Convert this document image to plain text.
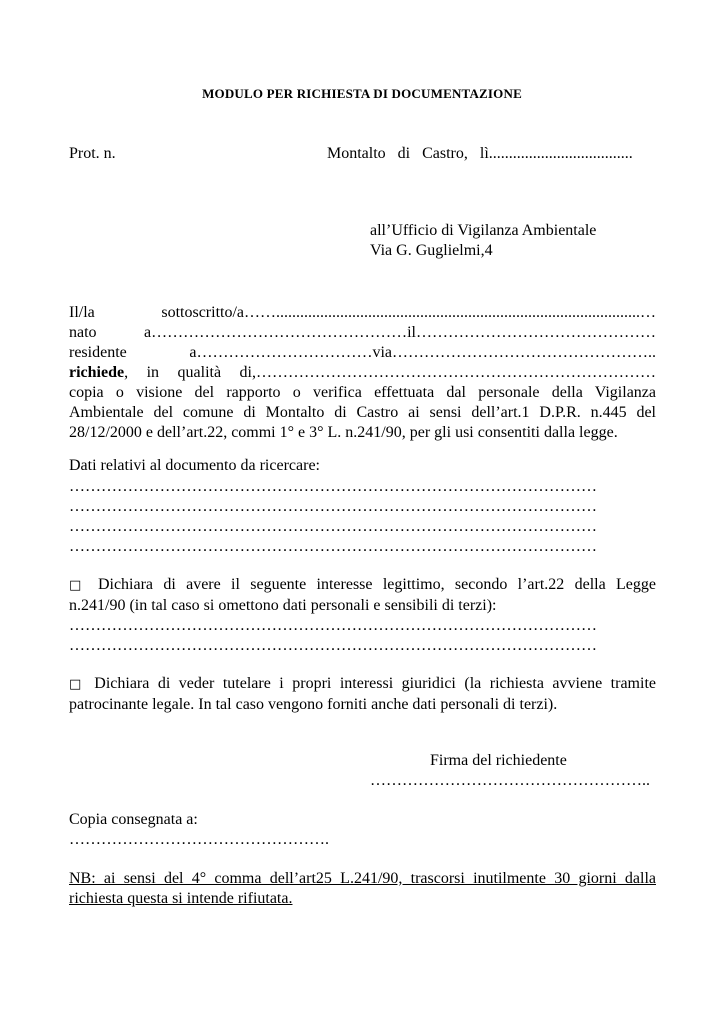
MODULO PER RICHIESTA DI DOCUMENTAZIONE
Prot. n.	Montalto   di   Castro,   lì....................................
all’Ufficio di Vigilanza Ambientale
Via G. Guglielmi,4
Il/la sottoscritto/a……...........................................................................................…
nato a…………………………………………il………………………………………
residente a……………………………via…………………………………………..
richiede, in qualità di,…………………………………………………………………
copia o visione del rapporto o verifica effettuata dal personale della Vigilanza
Ambientale del comune di Montalto di Castro ai sensi dell’art.1 D.P.R. n.445 del
28/12/2000 e dell’art.22, commi 1° e 3° L. n.241/90, per gli usi consentiti dalla legge.
Dati relativi al documento da ricercare:
………………………………………………………………………………………
………………………………………………………………………………………
………………………………………………………………………………………
………………………………………………………………………………………
□ Dichiara di avere il seguente interesse legittimo, secondo l’art.22 della Legge
n.241/90 (in tal caso si omettono dati personali e sensibili di terzi):
………………………………………………………………………………………
………………………………………………………………………………………
□ Dichiara di veder tutelare i propri interessi giuridici (la richiesta avviene tramite
patrocinante legale. In tal caso vengono forniti anche dati personali di terzi).
Firma del richiedente
……………………………………………..
Copia consegnata a:
………………………………………….
NB: ai sensi del 4° comma dell’art25 L.241/90, trascorsi inutilmente 30 giorni dalla
richiesta questa si intende rifiutata.
